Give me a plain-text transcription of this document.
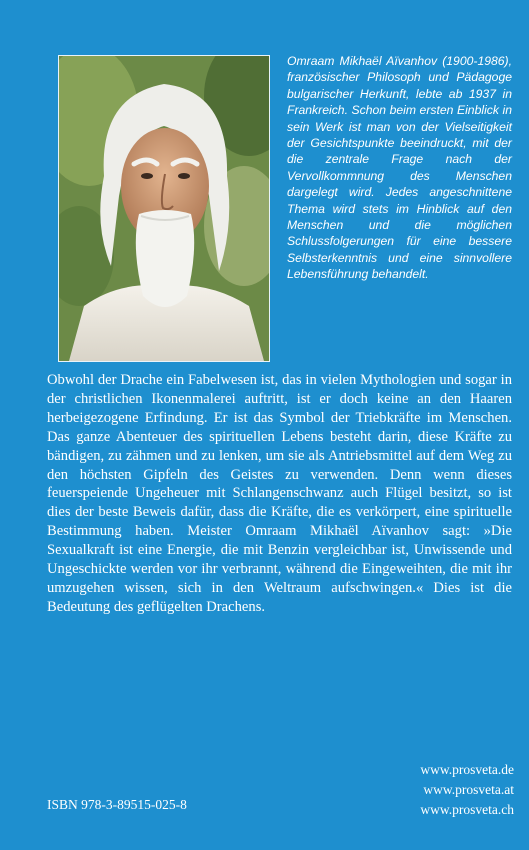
Omraam Mikhaël Aïvanhov (1900-1986), französischer Philosoph und Pädagoge bulgarischer Herkunft, lebte ab 1937 in Frankreich. Schon beim ersten Einblick in sein Werk ist man von der Vielseitigkeit der Gesichtspunkte beeindruckt, mit der die zentrale Frage nach der Vervollkommnung des Menschen dargelegt wird. Jedes angeschnittene Thema wird stets im Hinblick auf den Menschen und die möglichen Schlussfolgerungen für eine bessere Selbsterkenntnis und eine sinnvollere Lebensführung behandelt.

Obwohl der Drache ein Fabelwesen ist, das in vielen Mythologien und sogar in der christlichen Ikonenmalerei auftritt, ist er doch keine an den Haaren herbeigezogene Erfindung. Er ist das Symbol der Triebkräfte im Menschen. Das ganze Abenteuer des spirituellen Lebens besteht darin, diese Kräfte zu bändigen, zu zähmen und zu lenken, um sie als Antriebsmittel auf dem Weg zu den höchsten Gipfeln des Geistes zu verwenden. Denn wenn dieses feuerspeiende Ungeheuer mit Schlangenschwanz auch Flügel besitzt, so ist dies der beste Beweis dafür, dass die Kräfte, die es verkörpert, eine spirituelle Bestimmung haben. Meister Omraam Mikhaël Aïvanhov sagt: »Die Sexualkraft ist eine Energie, die mit Benzin vergleichbar ist, Unwissende und Ungeschickte werden vor ihr verbrannt, während die Eingeweihten, die mit ihr umzugehen wissen, sich in den Weltraum aufschwingen.« Dies ist die Bedeutung des geflügelten Drachens.

www.prosveta.de
www.prosveta.at
www.prosveta.ch
ISBN 978-3-89515-025-8
